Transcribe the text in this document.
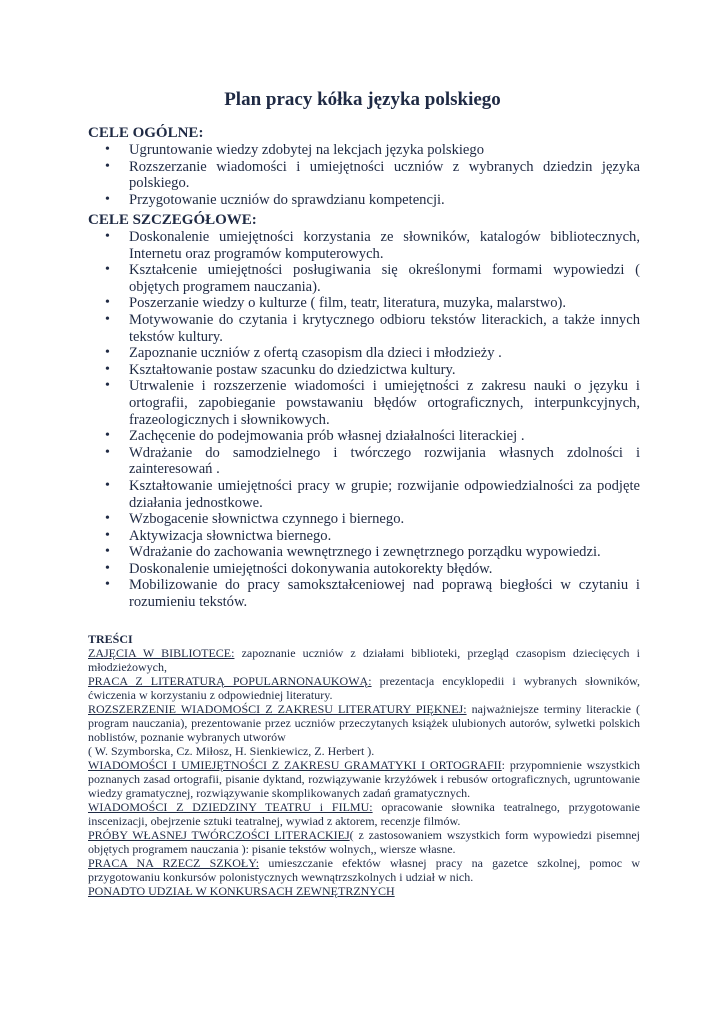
Plan pracy kółka języka polskiego

CELE OGÓLNE:

• Ugruntowanie wiedzy zdobytej na lekcjach języka polskiego
• Rozszerzanie wiadomości i umiejętności uczniów z wybranych dziedzin języka polskiego.
• Przygotowanie uczniów do sprawdzianu kompetencji.

CELE SZCZEGÓŁOWE:

• Doskonalenie umiejętności korzystania ze słowników, katalogów bibliotecznych, Internetu oraz programów komputerowych.
• Kształcenie umiejętności posługiwania się określonymi formami wypowiedzi ( objętych programem nauczania).
• Poszerzanie wiedzy o kulturze ( film, teatr, literatura, muzyka, malarstwo).
• Motywowanie do czytania i krytycznego odbioru tekstów literackich, a także innych tekstów kultury.
• Zapoznanie uczniów z ofertą czasopism dla dzieci i młodzieży .
• Kształtowanie postaw szacunku do dziedzictwa kultury.
• Utrwalenie i rozszerzenie wiadomości i umiejętności z zakresu nauki o języku i ortografii, zapobieganie powstawaniu błędów ortograficznych, interpunkcyjnych, frazeologicznych i słownikowych.
• Zachęcenie do podejmowania prób własnej działalności literackiej .
• Wdrażanie do samodzielnego i twórczego rozwijania własnych zdolności i zainteresowań .
• Kształtowanie umiejętności pracy w grupie; rozwijanie odpowiedzialności za podjęte działania jednostkowe.
• Wzbogacenie słownictwa czynnego i biernego.
• Aktywizacja słownictwa biernego.
• Wdrażanie do zachowania wewnętrznego i zewnętrznego porządku wypowiedzi.
• Doskonalenie umiejętności dokonywania autokorekty błędów.
• Mobilizowanie do pracy samokształceniowej nad poprawą biegłości w czytaniu i rozumieniu tekstów.

TREŚCI

ZAJĘCIA W BIBLIOTECE: zapoznanie uczniów z działami biblioteki, przegląd czasopism dziecięcych i młodzieżowych,

PRACA Z LITERATURĄ POPULARNONAUKOWĄ: prezentacja encyklopedii i wybranych słowników, ćwiczenia w korzystaniu z odpowiedniej literatury.

ROZSZERZENIE WIADOMOŚCI Z ZAKRESU LITERATURY PIĘKNEJ: najważniejsze terminy literackie ( program nauczania), prezentowanie przez uczniów przeczytanych książek ulubionych autorów, sylwetki polskich noblistów, poznanie wybranych utworów

( W. Szymborska, Cz. Miłosz, H. Sienkiewicz, Z. Herbert ).

WIADOMOŚCI I UMIEJĘTNOŚCI Z ZAKRESU GRAMATYKI I ORTOGRAFII: przypomnienie wszystkich poznanych zasad ortografii, pisanie dyktand, rozwiązywanie krzyżówek i rebusów ortograficznych, ugruntowanie wiedzy gramatycznej, rozwiązywanie skomplikowanych zadań gramatycznych.

WIADOMOŚCI Z DZIEDZINY TEATRU i FILMU: opracowanie słownika teatralnego, przygotowanie inscenizacji, obejrzenie sztuki teatralnej, wywiad z aktorem, recenzje filmów.

PRÓBY WŁASNEJ TWÓRCZOŚCI LITERACKIEJ( z zastosowaniem wszystkich form wypowiedzi pisemnej objętych programem nauczania ): pisanie tekstów wolnych,, wiersze własne.

PRACA NA RZECZ SZKOŁY: umieszczanie efektów własnej pracy na gazetce szkolnej, pomoc w przygotowaniu konkursów polonistycznych wewnątrzszkolnych i udział w nich.

PONADTO UDZIAŁ W KONKURSACH ZEWNĘTRZNYCH
